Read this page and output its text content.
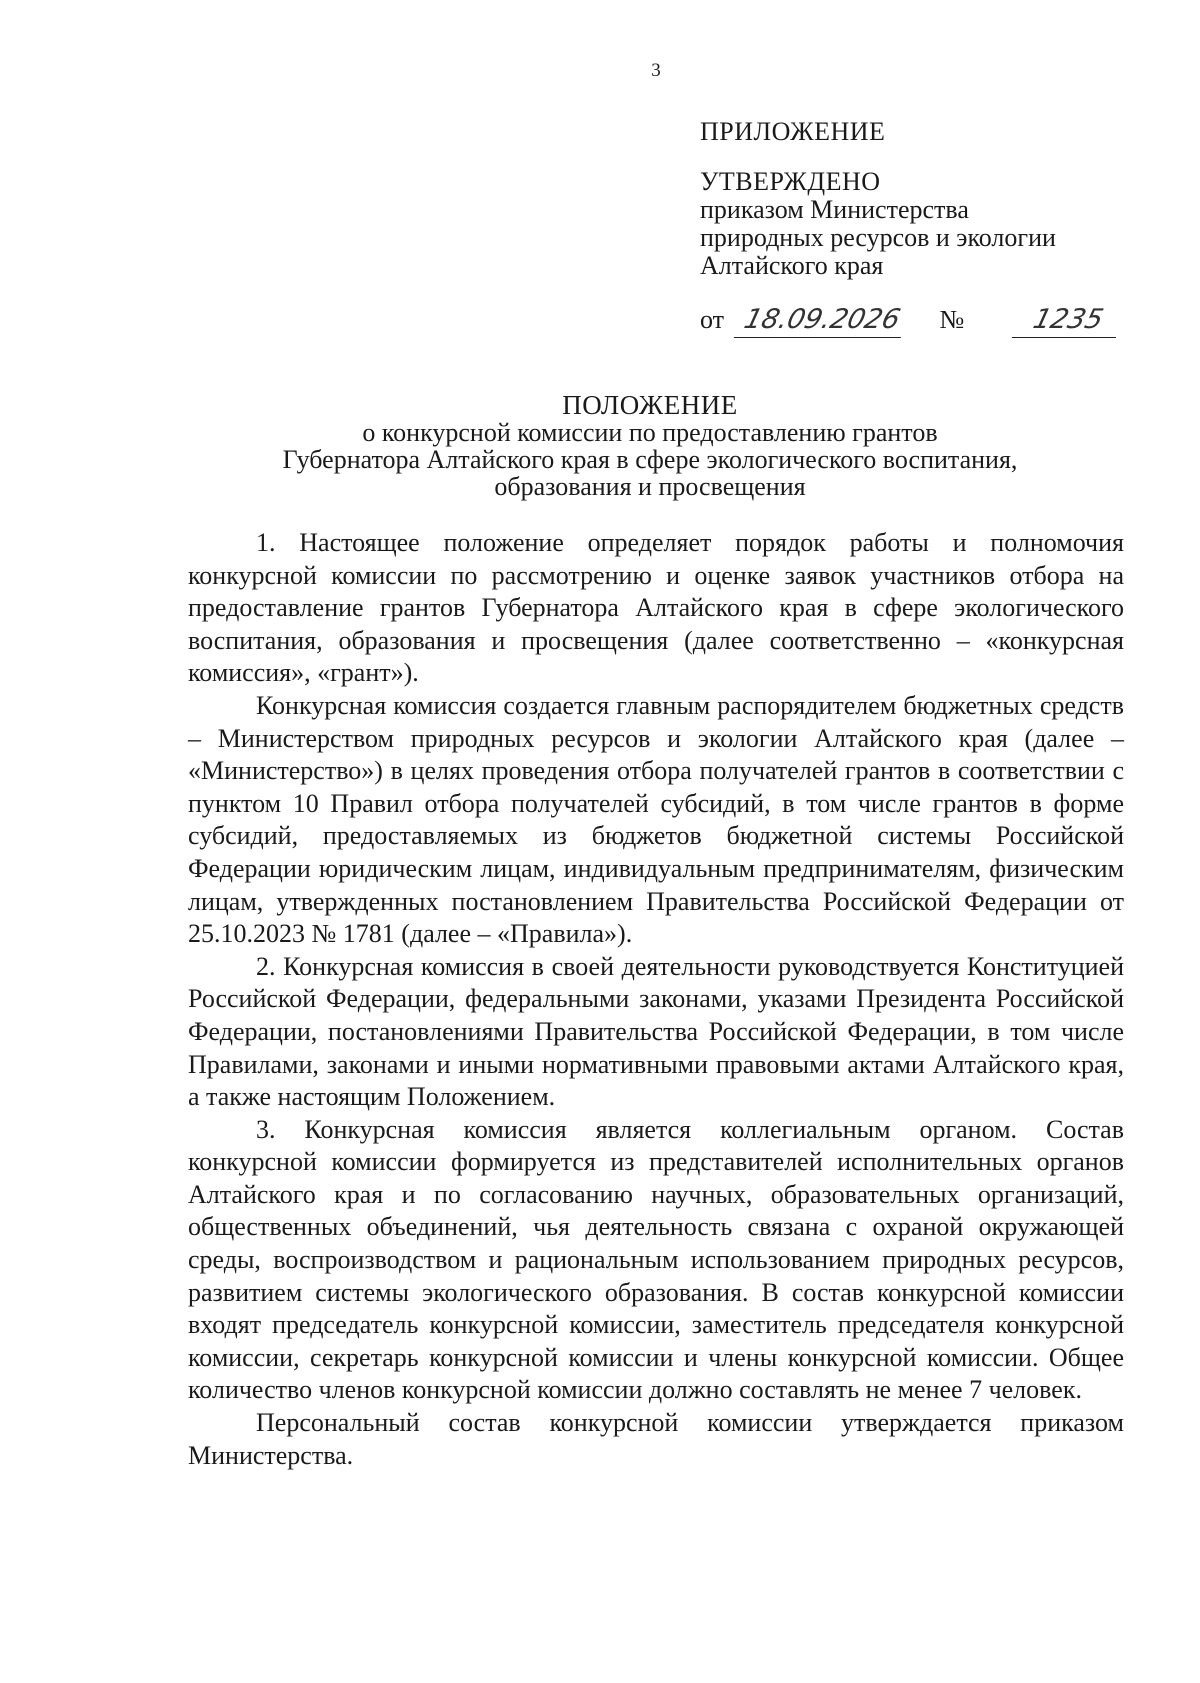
3
ПРИЛОЖЕНИЕ
УТВЕРЖДЕНО
приказом Министерства
природных ресурсов и экологии
Алтайского края
от 18.09.2026 №	1235
ПОЛОЖЕНИЕ
о конкурсной комиссии по предоставлению грантов
Губернатора Алтайского края в сфере экологического воспитания,
образования и просвещения

1. Настоящее положение определяет порядок работы и полномочия конкурсной комиссии по рассмотрению и оценке заявок участников отбора на предоставление грантов Губернатора Алтайского края в сфере экологического воспитания, образования и просвещения (далее соответственно – «конкурсная комиссия», «грант»).

Конкурсная комиссия создается главным распорядителем бюджетных средств – Министерством природных ресурсов и экологии Алтайского края (далее – «Министерство») в целях проведения отбора получателей грантов в соответствии с пунктом 10 Правил отбора получателей субсидий, в том числе грантов в форме субсидий, предоставляемых из бюджетов бюджетной системы Российской Федерации юридическим лицам, индивидуальным предпринимателям, физическим лицам, утвержденных постановлением Правительства Российской Федерации от 25.10.2023 № 1781 (далее – «Правила»).

2. Конкурсная комиссия в своей деятельности руководствуется Конституцией Российской Федерации, федеральными законами, указами Президента Российской Федерации, постановлениями Правительства Российской Федерации, в том числе Правилами, законами и иными нормативными правовыми актами Алтайского края, а также настоящим Положением.

3. Конкурсная комиссия является коллегиальным органом. Состав конкурсной комиссии формируется из представителей исполнительных органов Алтайского края и по согласованию научных, образовательных организаций, общественных объединений, чья деятельность связана с охраной окружающей среды, воспроизводством и рациональным использованием природных ресурсов, развитием системы экологического образования. В состав конкурсной комиссии входят председатель конкурсной комиссии, заместитель председателя конкурсной комиссии, секретарь конкурсной комиссии и члены конкурсной комиссии. Общее количество членов конкурсной комиссии должно составлять не менее 7 человек.

Персональный состав конкурсной комиссии утверждается приказом Министерства.
